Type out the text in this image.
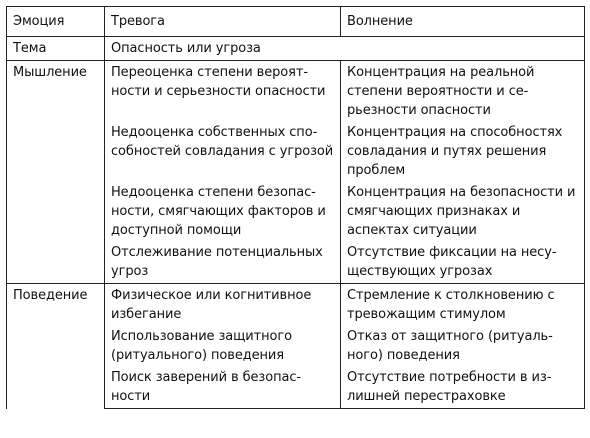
Эмоция	Тревога	Волнение
Тема	Опасность или угроза	
Мышление	Переоценка степени вероятности и серьезности опасности	Концентрация на реальной степени вероятности и серьезности опасности
	Недооценка собственных способностей совладания с угрозой	Концентрация на способностях совладания и путях решения проблем
	Недооценка степени безопасности, смягчающих факторов и доступной помощи	Концентрация на безопасности и смягчающих признаках и аспектах ситуации
	Отслеживание потенциальных угроз	Отсутствие фиксации на несуществующих угрозах
Поведение	Физическое или когнитивное избегание	Стремление к столкновению с тревожащим стимулом
	Использование защитного (ритуального) поведения	Отказ от защитного (ритуального) поведения
	Поиск заверений в безопасности	Отсутствие потребности в излишней перестраховке
